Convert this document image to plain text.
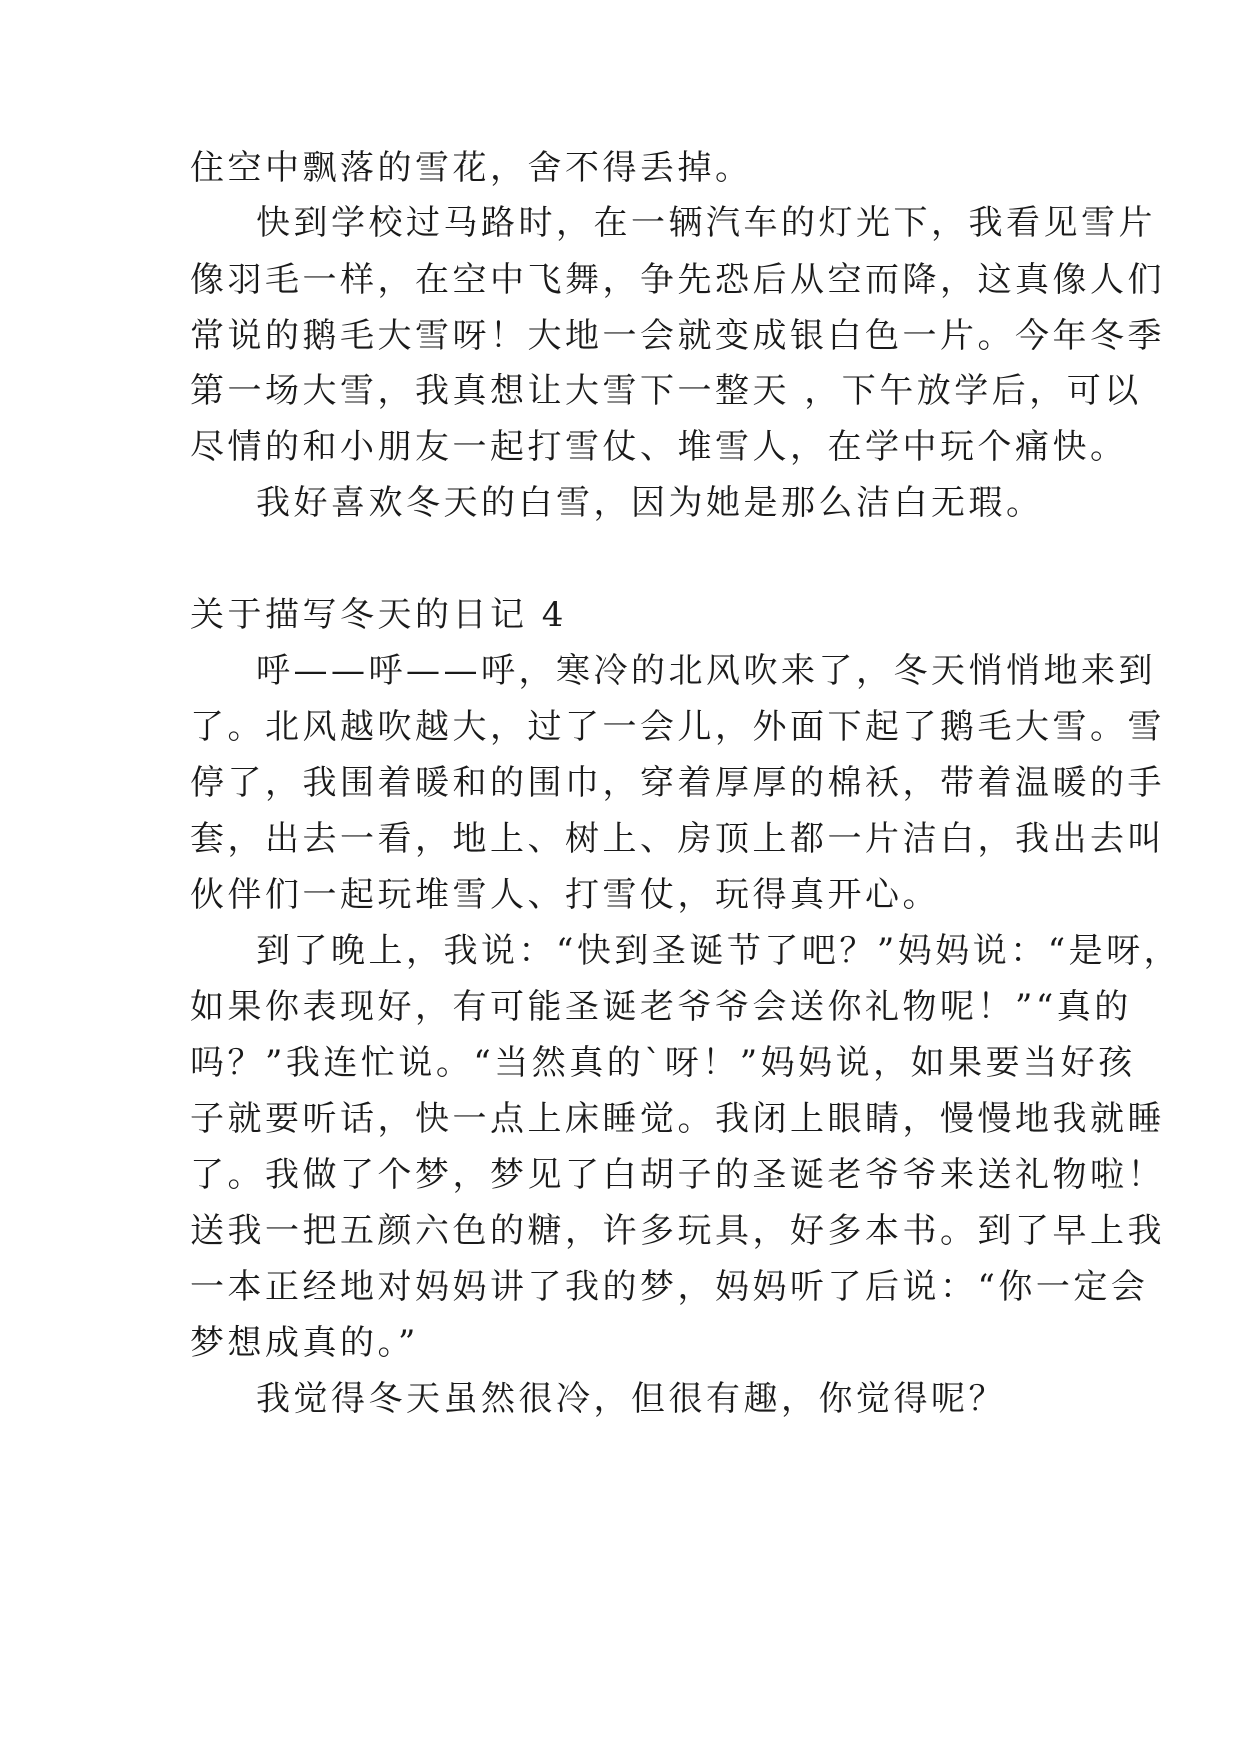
住空中飘落的雪花，舍不得丢掉。
快到学校过马路时，在一辆汽车的灯光下，我看见雪片
像羽毛一样，在空中飞舞，争先恐后从空而降，这真像人们
常说的鹅毛大雪呀！大地一会就变成银白色一片。今年冬季
第一场大雪，我真想让大雪下一整天 ，下午放学后，可以
尽情的和小朋友一起打雪仗、堆雪人，在学中玩个痛快。
我好喜欢冬天的白雪，因为她是那么洁白无瑕。
关于描写冬天的日记 4
呼——呼——呼，寒冷的北风吹来了，冬天悄悄地来到
了。北风越吹越大，过了一会儿，外面下起了鹅毛大雪。雪
停了，我围着暖和的围巾，穿着厚厚的棉袄，带着温暖的手
套，出去一看，地上、树上、房顶上都一片洁白，我出去叫
伙伴们一起玩堆雪人、打雪仗，玩得真开心。
到了晚上，我说：“快到圣诞节了吧？”妈妈说：“是呀，
如果你表现好，有可能圣诞老爷爷会送你礼物呢！”“真的
吗？”我连忙说。“当然真的`呀！”妈妈说，如果要当好孩
子就要听话，快一点上床睡觉。我闭上眼睛，慢慢地我就睡
了。我做了个梦，梦见了白胡子的圣诞老爷爷来送礼物啦！
送我一把五颜六色的糖，许多玩具，好多本书。到了早上我
一本正经地对妈妈讲了我的梦，妈妈听了后说：“你一定会
梦想成真的。”
我觉得冬天虽然很冷，但很有趣，你觉得呢？
